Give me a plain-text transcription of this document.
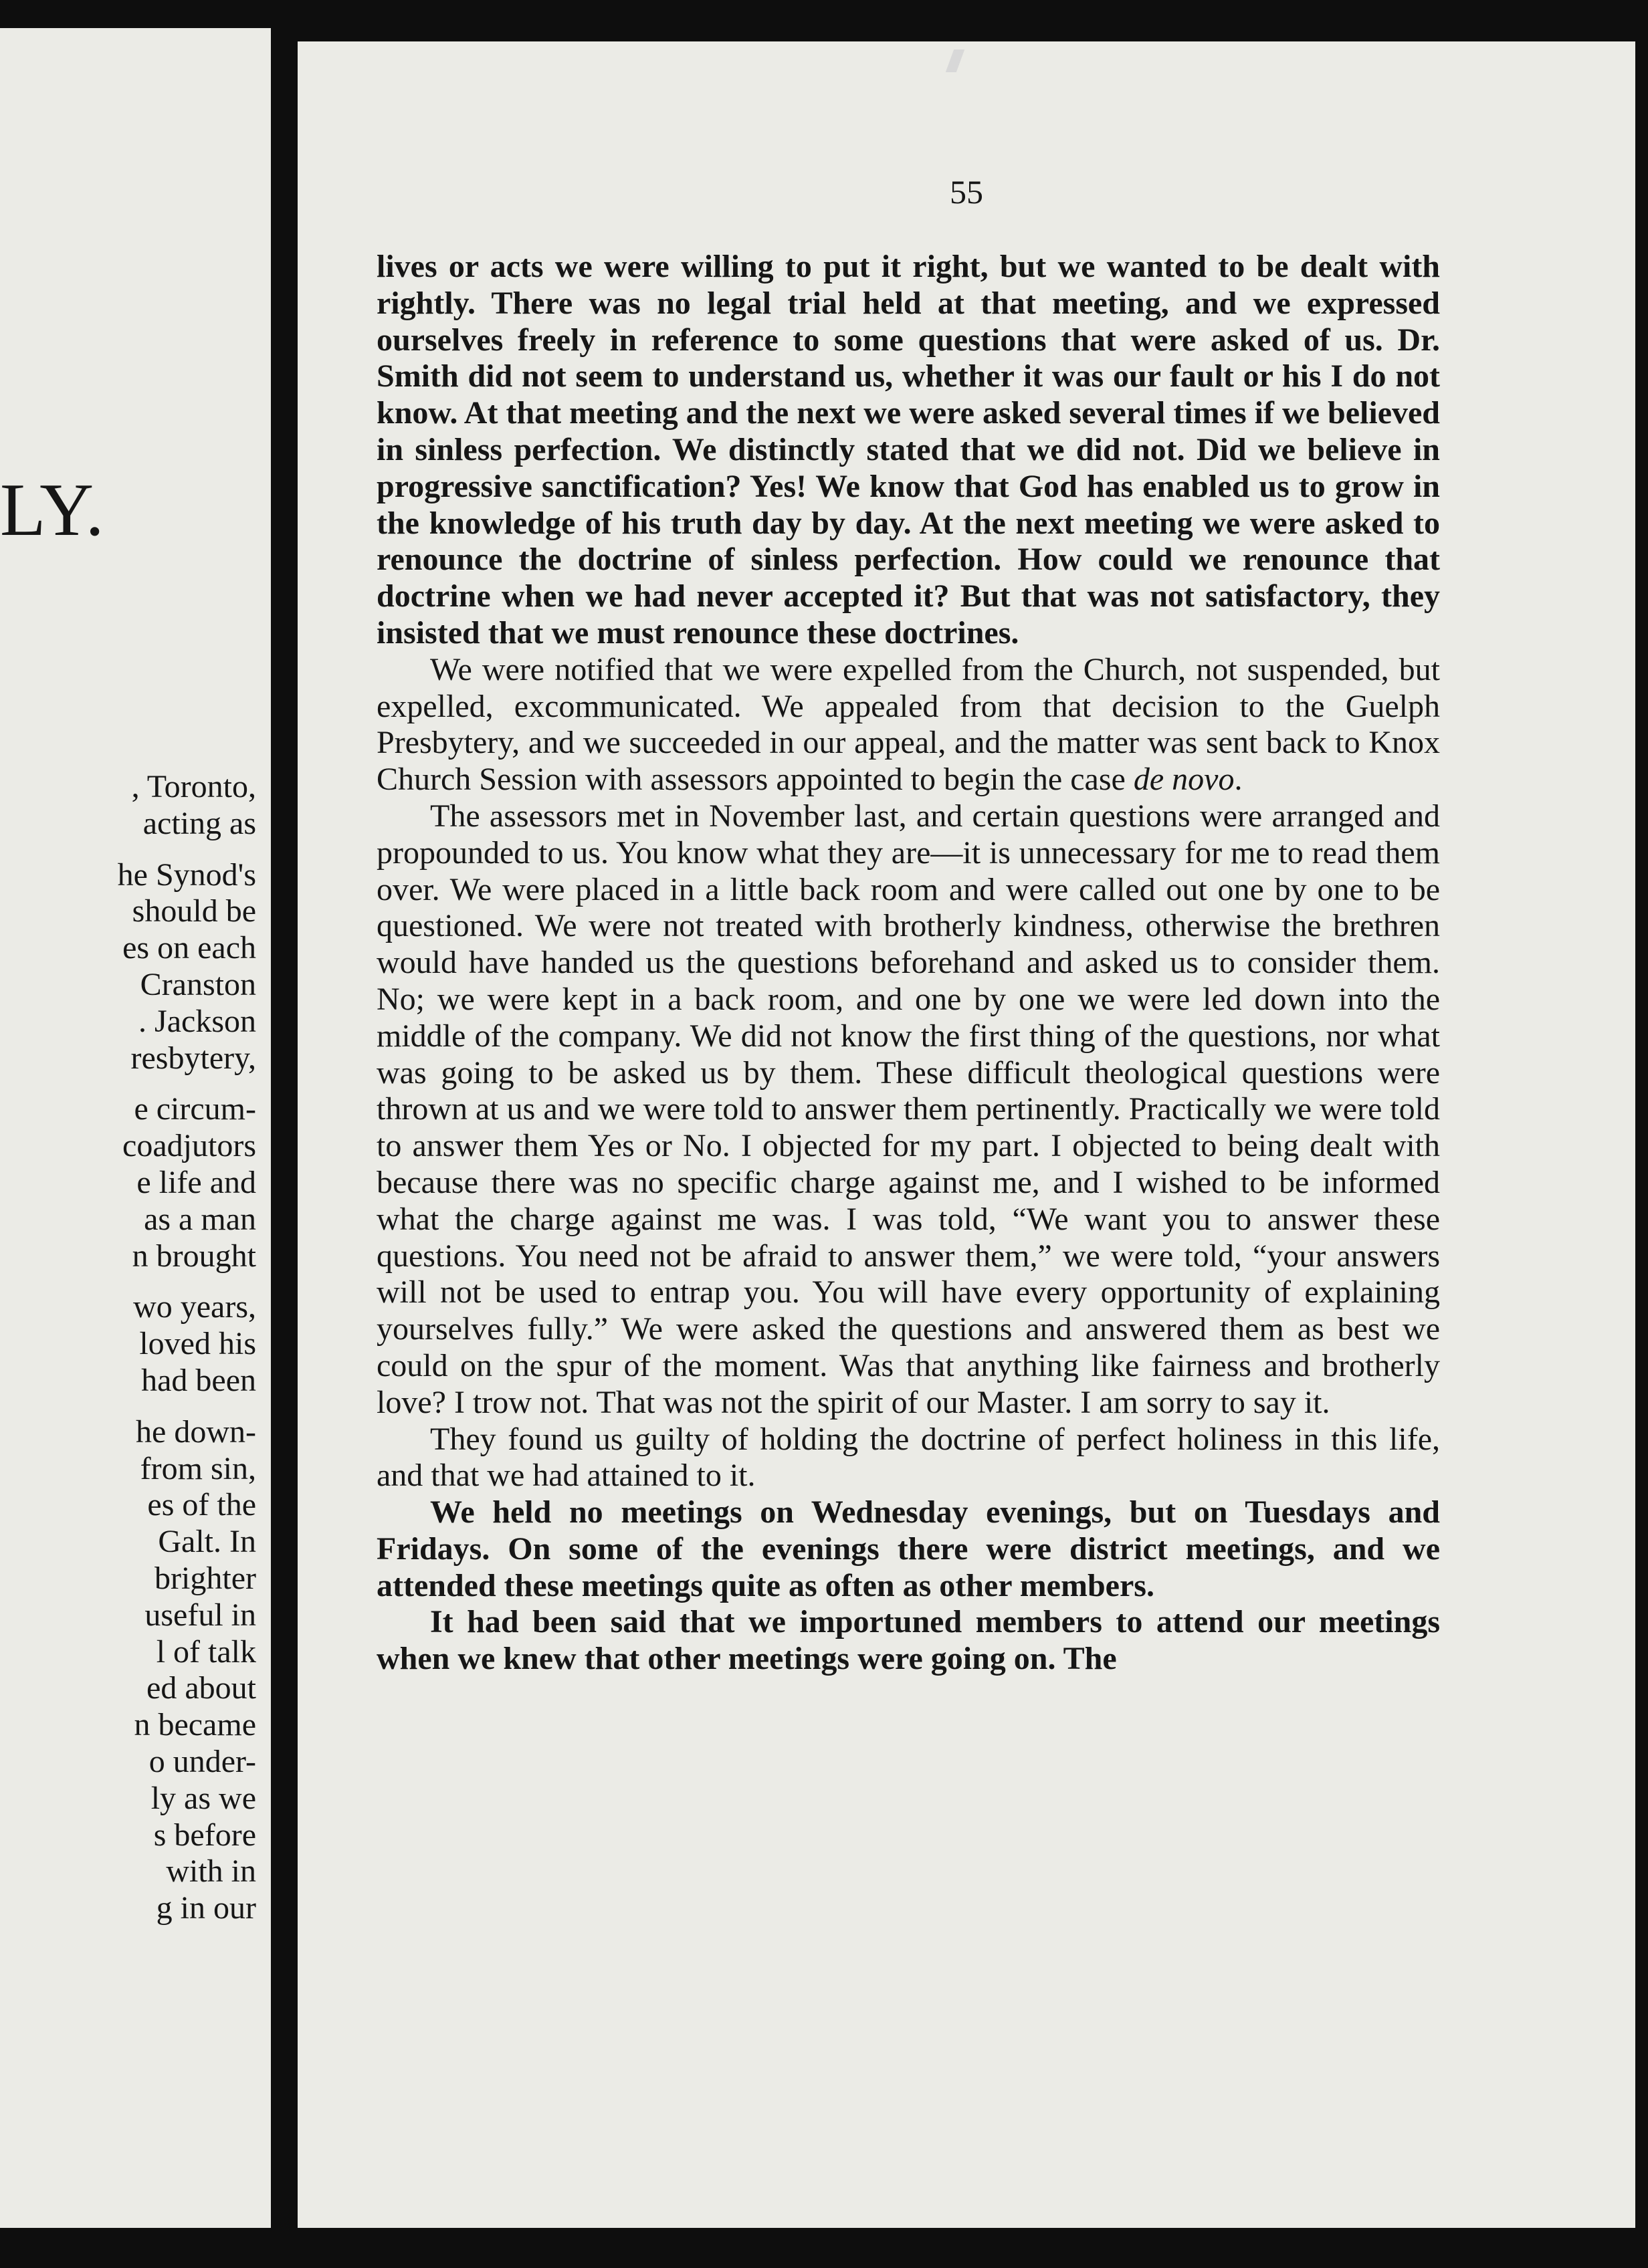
LY.
, Toronto,
acting as
he Synod's
should be
es on each
Cranston
. Jackson
resbytery,
e circum-
coadjutors
e life and
as a man
n brought
wo years,
loved his
had been
he down-
from sin,
es of the
Galt. In
brighter
useful in
l of talk
ed about
n became
o under-
ly as we
s before
with in
g in our
55

lives or acts we were willing to put it right, but we wanted to be dealt with rightly. There was no legal trial held at that meeting, and we expressed ourselves freely in reference to some questions that were asked of us. Dr. Smith did not seem to understand us, whether it was our fault or his I do not know. At that meeting and the next we were asked several times if we believed in sinless perfection. We distinctly stated that we did not. Did we believe in progressive sanctification? Yes! We know that God has enabled us to grow in the knowledge of his truth day by day. At the next meeting we were asked to renounce the doctrine of sinless perfection. How could we renounce that doctrine when we had never accepted it? But that was not satisfactory, they insisted that we must renounce these doctrines.

We were notified that we were expelled from the Church, not suspended, but expelled, excommunicated. We appealed from that decision to the Guelph Presbytery, and we succeeded in our appeal, and the matter was sent back to Knox Church Session with assessors appointed to begin the case de novo.

The assessors met in November last, and certain questions were arranged and propounded to us. You know what they are—it is unnecessary for me to read them over. We were placed in a little back room and were called out one by one to be questioned. We were not treated with brotherly kindness, otherwise the brethren would have handed us the questions beforehand and asked us to consider them. No; we were kept in a back room, and one by one we were led down into the middle of the company. We did not know the first thing of the questions, nor what was going to be asked us by them. These difficult theological questions were thrown at us and we were told to answer them pertinently. Practically we were told to answer them Yes or No. I objected for my part. I objected to being dealt with because there was no specific charge against me, and I wished to be informed what the charge against me was. I was told, “We want you to answer these questions. You need not be afraid to answer them,” we were told, “your answers will not be used to entrap you. You will have every opportunity of explaining yourselves fully.” We were asked the questions and answered them as best we could on the spur of the moment. Was that anything like fairness and brotherly love? I trow not. That was not the spirit of our Master. I am sorry to say it.

They found us guilty of holding the doctrine of perfect holiness in this life, and that we had attained to it.

We held no meetings on Wednesday evenings, but on Tuesdays and Fridays. On some of the evenings there were district meetings, and we attended these meetings quite as often as other members.

It had been said that we importuned members to attend our meetings when we knew that other meetings were going on. The
